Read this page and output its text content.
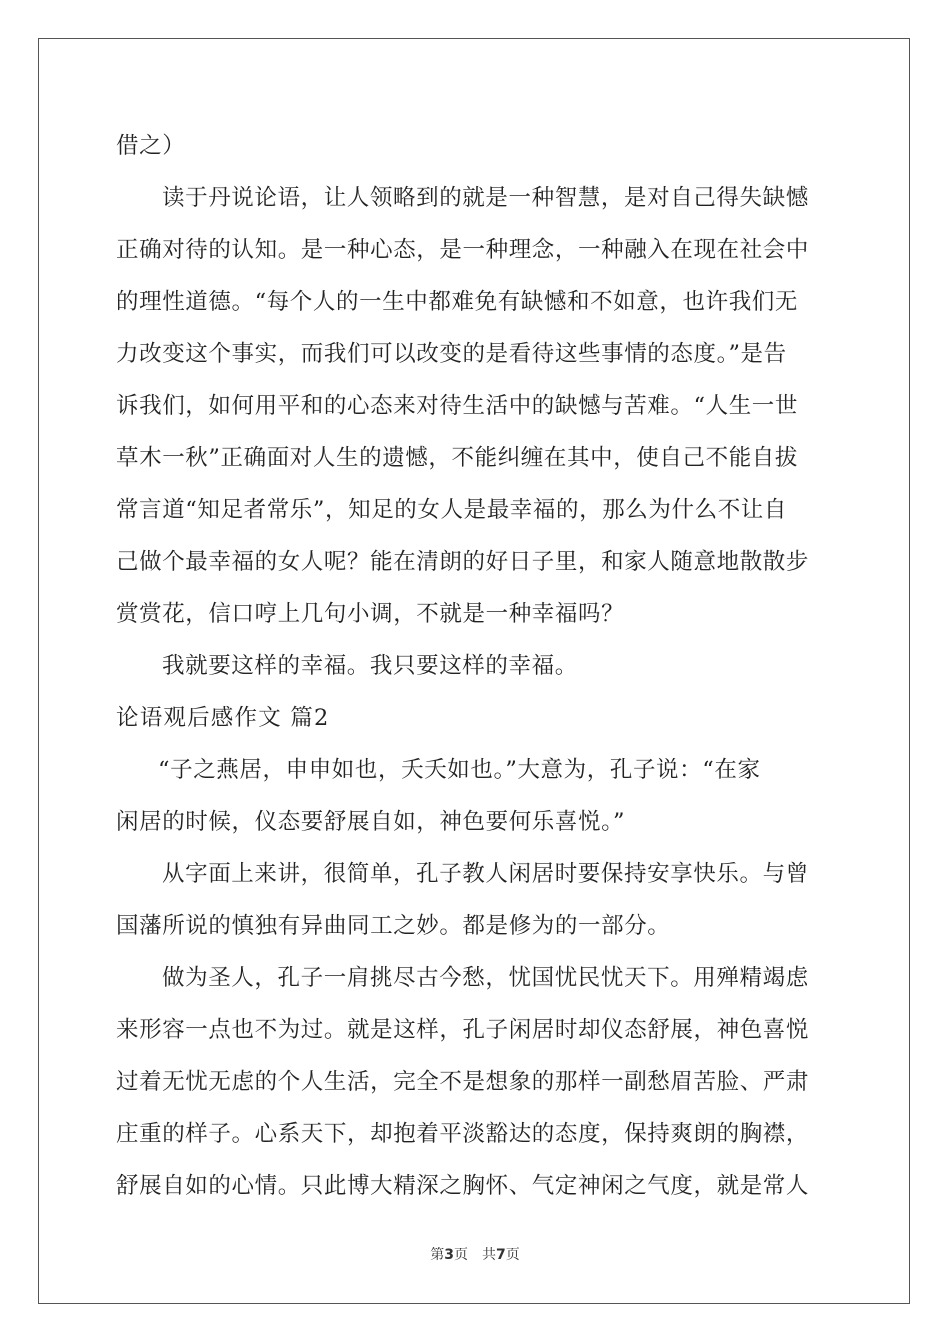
借之）
读于丹说论语，让人领略到的就是一种智慧，是对自己得失缺憾
正确对待的认知。是一种心态，是一种理念，一种融入在现在社会中
的理性道德。“每个人的一生中都难免有缺憾和不如意，也许我们无
力改变这个事实，而我们可以改变的是看待这些事情的态度。”是告
诉我们，如何用平和的心态来对待生活中的缺憾与苦难。“人生一世
草木一秋”正确面对人生的遗憾，不能纠缠在其中，使自己不能自拔
常言道“知足者常乐”，知足的女人是最幸福的，那么为什么不让自
己做个最幸福的女人呢？能在清朗的好日子里，和家人随意地散散步
赏赏花，信口哼上几句小调，不就是一种幸福吗？
我就要这样的幸福。我只要这样的幸福。
论语观后感作文 篇2
“子之燕居，申申如也，夭夭如也。”大意为，孔子说：“在家
闲居的时候，仪态要舒展自如，神色要何乐喜悦。”
从字面上来讲，很简单，孔子教人闲居时要保持安享快乐。与曾
国藩所说的慎独有异曲同工之妙。都是修为的一部分。
做为圣人，孔子一肩挑尽古今愁，忧国忧民忧天下。用殚精竭虑
来形容一点也不为过。就是这样，孔子闲居时却仪态舒展，神色喜悦
过着无忧无虑的个人生活，完全不是想象的那样一副愁眉苦脸、严肃
庄重的样子。心系天下，却抱着平淡豁达的态度，保持爽朗的胸襟，
舒展自如的心情。只此博大精深之胸怀、气定神闲之气度，就是常人
第3页　共7页
